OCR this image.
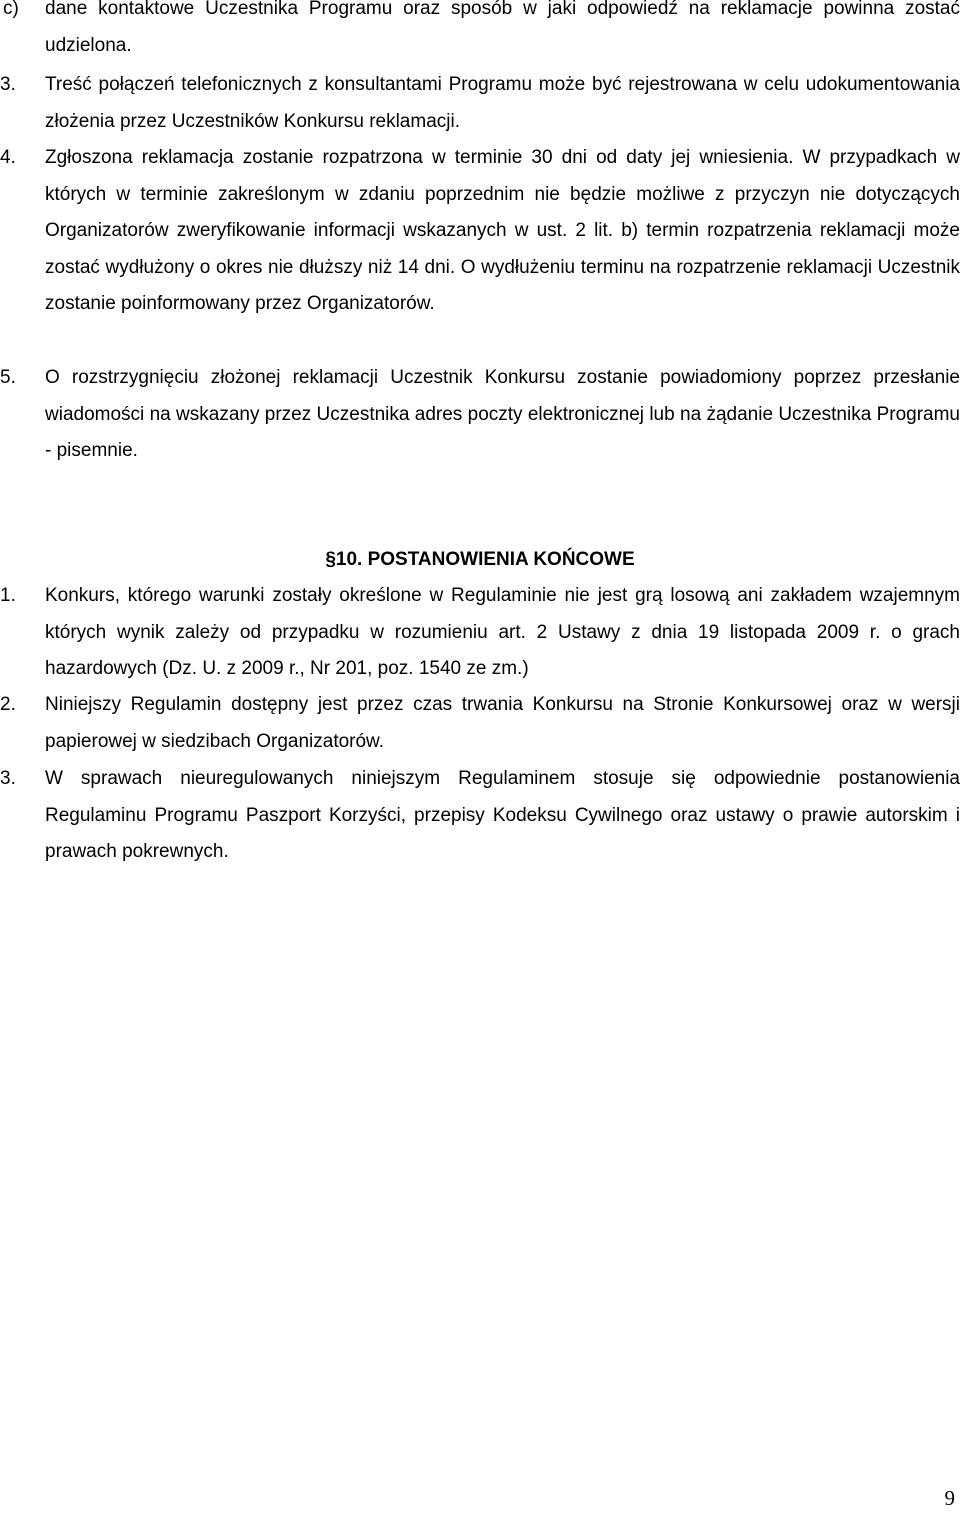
c)	dane kontaktowe Uczestnika Programu oraz sposób w jaki odpowiedź na reklamacje powinna zostać udzielona.
3.	Treść połączeń telefonicznych z konsultantami Programu może być rejestrowana w celu udokumentowania złożenia przez Uczestników Konkursu reklamacji.
4.	Zgłoszona reklamacja zostanie rozpatrzona w terminie 30 dni od daty jej wniesienia. W przypadkach w których w terminie zakreślonym w zdaniu poprzednim nie będzie możliwe z przyczyn nie dotyczących Organizatorów zweryfikowanie informacji wskazanych w ust. 2 lit. b) termin rozpatrzenia reklamacji może zostać wydłużony o okres nie dłuższy niż 14 dni. O wydłużeniu terminu na rozpatrzenie reklamacji Uczestnik zostanie poinformowany przez Organizatorów.
5.	O rozstrzygnięciu złożonej reklamacji Uczestnik Konkursu zostanie powiadomiony poprzez przesłanie wiadomości na wskazany przez Uczestnika adres poczty elektronicznej lub na żądanie Uczestnika Programu - pisemnie.
§10. POSTANOWIENIA KOŃCOWE
1.	Konkurs, którego warunki zostały określone w Regulaminie nie jest grą losową ani zakładem wzajemnym których wynik zależy od przypadku w rozumieniu art. 2 Ustawy z dnia 19 listopada 2009 r. o grach hazardowych (Dz. U. z 2009 r., Nr 201, poz. 1540 ze zm.)
2.	Niniejszy Regulamin dostępny jest przez czas trwania Konkursu na Stronie Konkursowej oraz w wersji papierowej w siedzibach Organizatorów.
3.	W sprawach nieuregulowanych niniejszym Regulaminem stosuje się odpowiednie postanowienia Regulaminu Programu Paszport Korzyści, przepisy Kodeksu Cywilnego oraz ustawy o prawie autorskim i prawach pokrewnych.
9
